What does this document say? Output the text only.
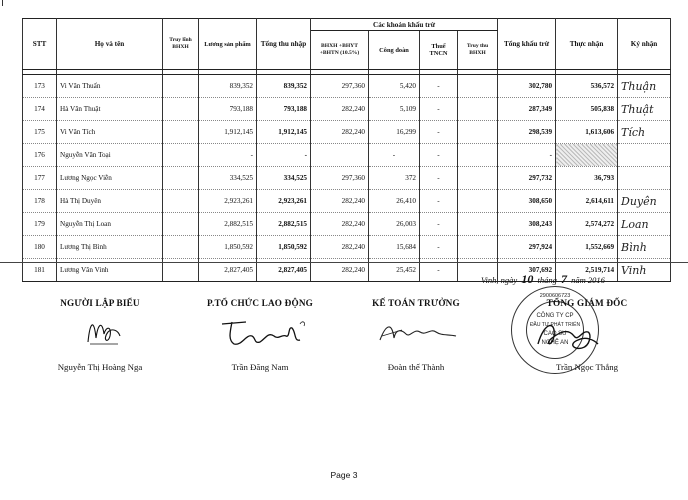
STT	Họ và tên	Truy lĩnh BHXH	Lương sản phẩm	Tổng thu nhập	Các khoản khấu trừ				Tổng khấu trừ	Thực nhận	Ký nhận
					BHXH +BHYT +BHTN (10.5%)	Công đoàn	Thuế TNCN	Truy thu BHXH			

173	Vi Văn Thuấn		839,352	839,352	297,360	5,420	-		302,780	536,572	Thuận
174	Hà Văn Thuật		793,188	793,188	282,240	5,109	-		287,349	505,838	Thuật
175	Vi Văn Tích		1,912,145	1,912,145	282,240	16,299	-		298,539	1,613,606	Tích
176	Nguyễn Văn Toại		-	-		-	-		-		
177	Lương Ngọc Viễn		334,525	334,525	297,360	372	-		297,732	36,793	
178	Hà Thị Duyên		2,923,261	2,923,261	282,240	26,410	-		308,650	2,614,611	Duyên
179	Nguyễn Thị Loan		2,882,515	2,882,515	282,240	26,003	-		308,243	2,574,272	Loan
180	Lương Thị Bình		1,850,592	1,850,592	282,240	15,684	-		297,924	1,552,669	Bình
181	Lương Văn Vinh		2,827,405	2,827,405	282,240	25,452	-		307,692	2,519,714	Vinh
Vinh, ngày 10 tháng 7 năm 2016
NGƯỜI LẬP BIỂU
Nguyễn Thị Hoàng Nga
P.TỔ CHỨC LAO ĐỘNG
Trần Đăng Nam
KẾ TOÁN TRƯỞNG
Đoàn thế Thành
2900606723
CÔNG TY CP
ĐẦU TƯ PHÁT TRIỂN
CAO SU
NGHỆ AN
TỔNG GIÁM ĐỐC
Trần Ngọc Thắng
Page 3
